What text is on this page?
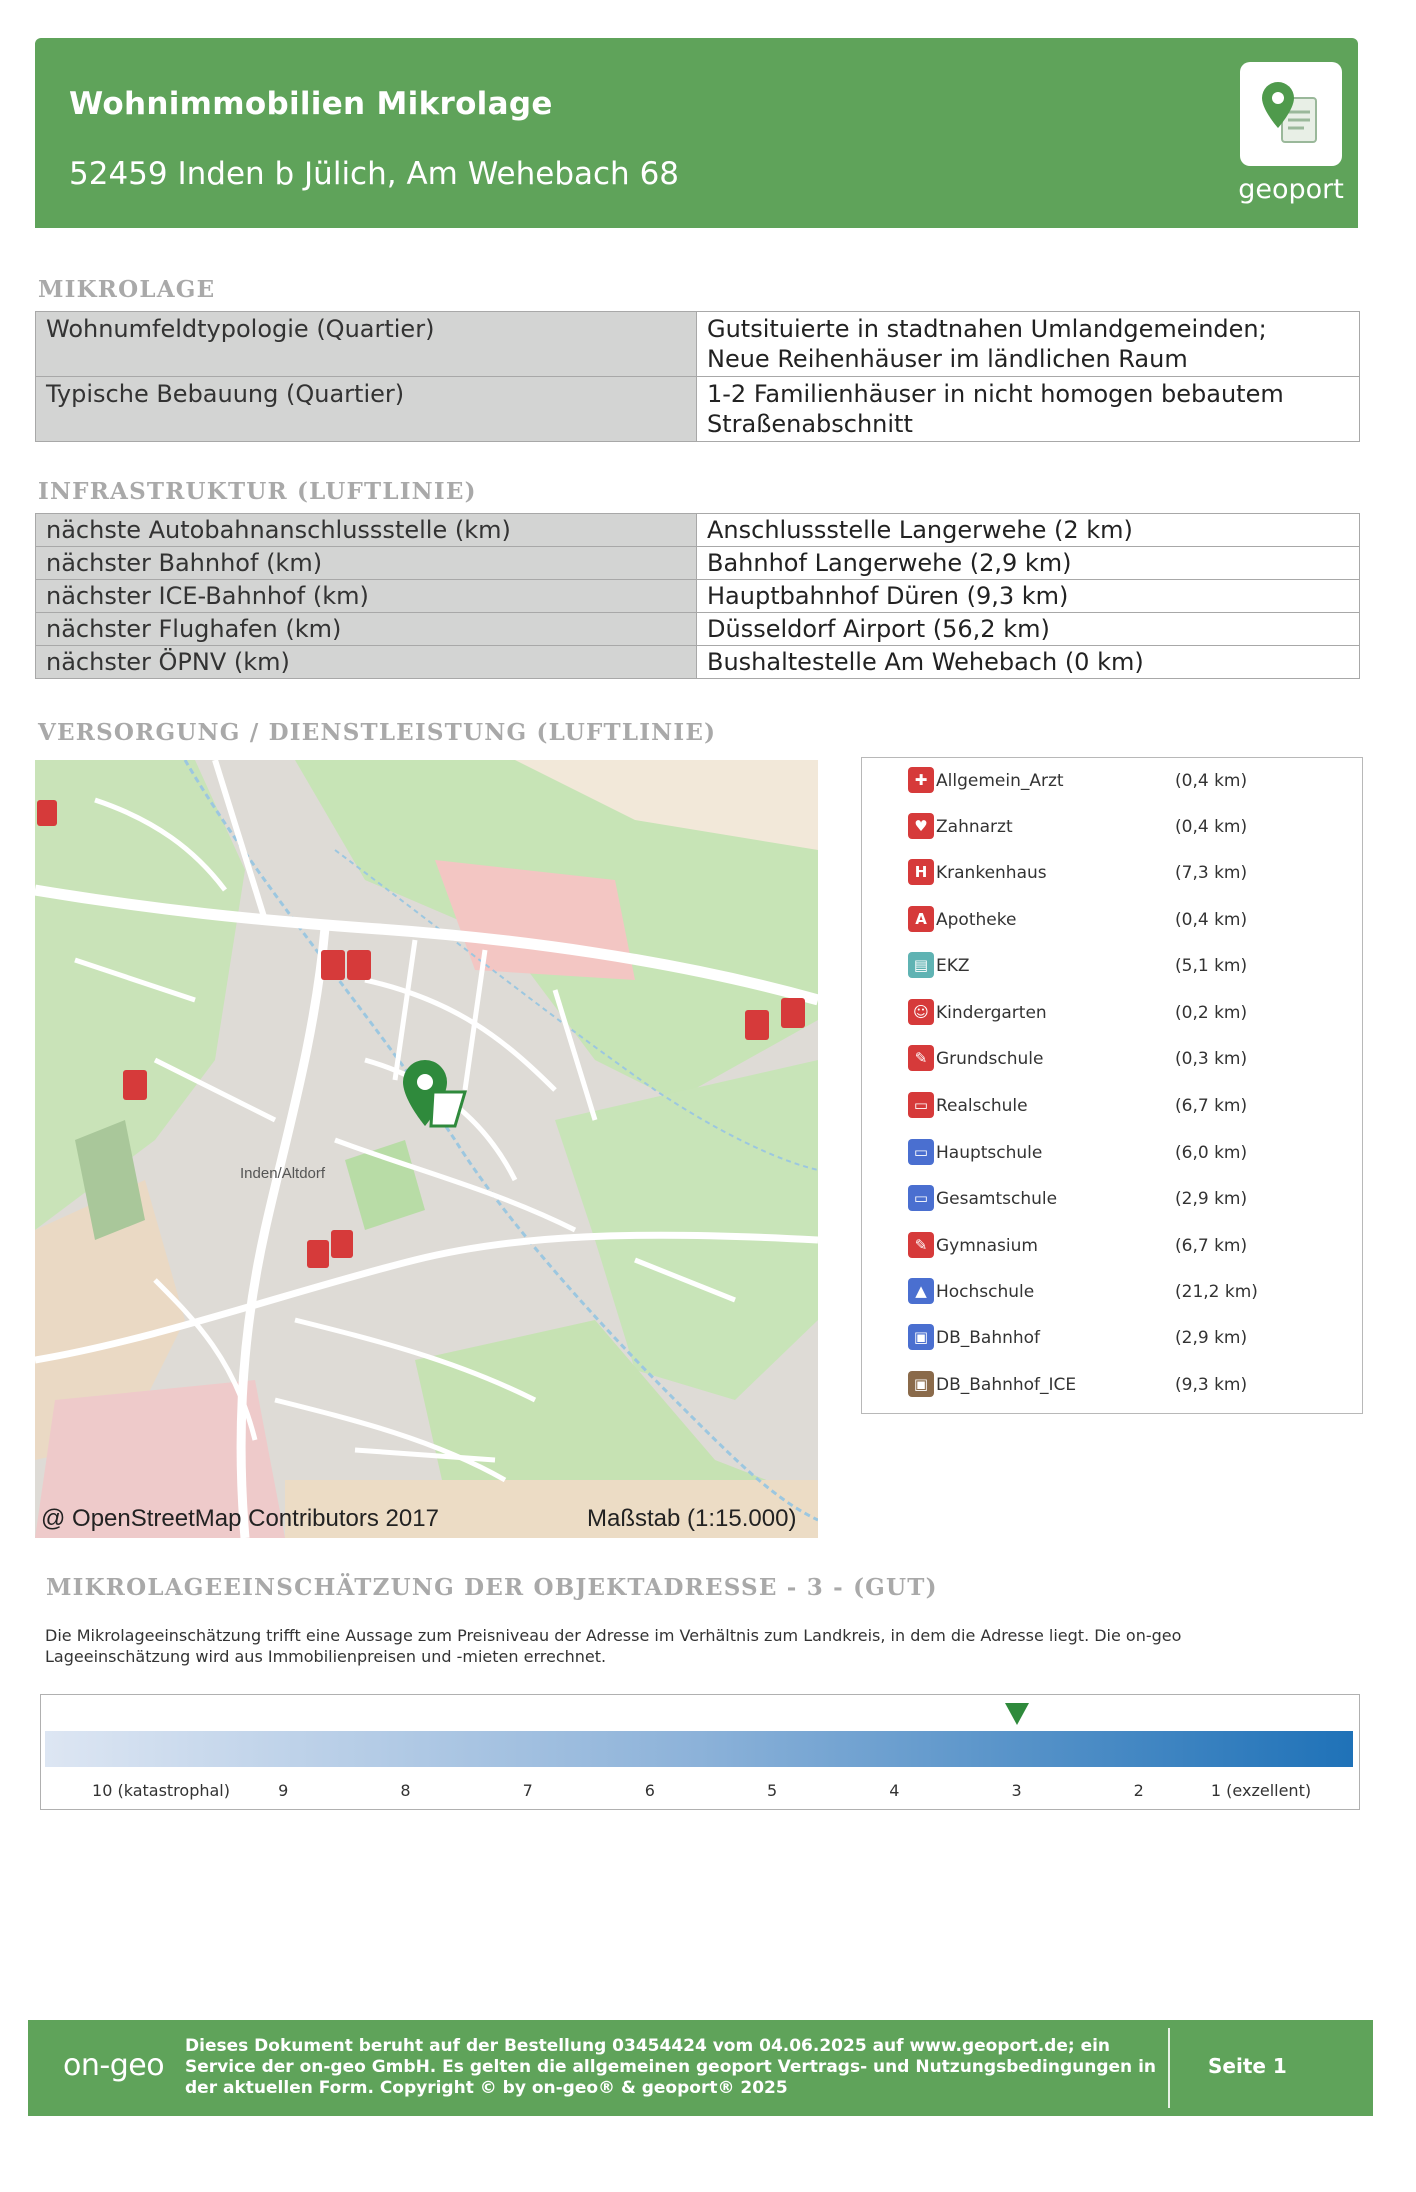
Wohnimmobilien Mikrolage
52459 Inden b Jülich, Am Wehebach 68	geoport
MIKROLAGE
Wohnumfeldtypologie (Quartier)	Gutsituierte in stadtnahen Umlandgemeinden;
Neue Reihenhäuser im ländlichen Raum

Typische Bebauung (Quartier)	1-2 Familienhäuser in nicht homogen bebautem
Straßenabschnitt
INFRASTRUKTUR (LUFTLINIE)
nächste Autobahnanschlussstelle (km)	Anschlussstelle Langerwehe (2 km)
nächster Bahnhof (km)	Bahnhof Langerwehe (2,9 km)
nächster ICE-Bahnhof (km)	Hauptbahnhof Düren (9,3 km)
nächster Flughafen (km)	Düsseldorf Airport (56,2 km)
nächster ÖPNV (km)	Bushaltestelle Am Wehebach (0 km)
VERSORGUNG / DIENSTLEISTUNG (LUFTLINIE)
Inden/Altdorf
@ OpenStreetMap Contributors 2017	Maßstab (1:15.000)
✚ Allgemein_Arzt	(0,4 km)
♥ Zahnarzt	(0,4 km)
H Krankenhaus	(7,3 km)
A Apotheke	(0,4 km)
▤ EKZ	(5,1 km)
☺ Kindergarten	(0,2 km)
✎ Grundschule	(0,3 km)
▭ Realschule	(6,7 km)
▭ Hauptschule	(6,0 km)
▭ Gesamtschule	(2,9 km)
✎ Gymnasium	(6,7 km)
▲ Hochschule	(21,2 km)
▣ DB_Bahnhof	(2,9 km)
▣ DB_Bahnhof_ICE	(9,3 km)
MIKROLAGEEINSCHÄTZUNG DER OBJEKTADRESSE - 3 - (GUT)
Die Mikrolageeinschätzung trifft eine Aussage zum Preisniveau der Adresse im Verhältnis zum Landkreis, in dem die Adresse liegt. Die on-geo
Lageeinschätzung wird aus Immobilienpreisen und -mieten errechnet.
10 (katastrophal)	9	8	7	6	5	4	3	2	1 (exzellent)
on-geo
Dieses Dokument beruht auf der Bestellung 03454424 vom 04.06.2025 auf www.geoport.de; ein
Service der on-geo GmbH. Es gelten die allgemeinen geoport Vertrags- und Nutzungsbedingungen in
der aktuellen Form. Copyright © by on-geo® & geoport® 2025
Seite 1
